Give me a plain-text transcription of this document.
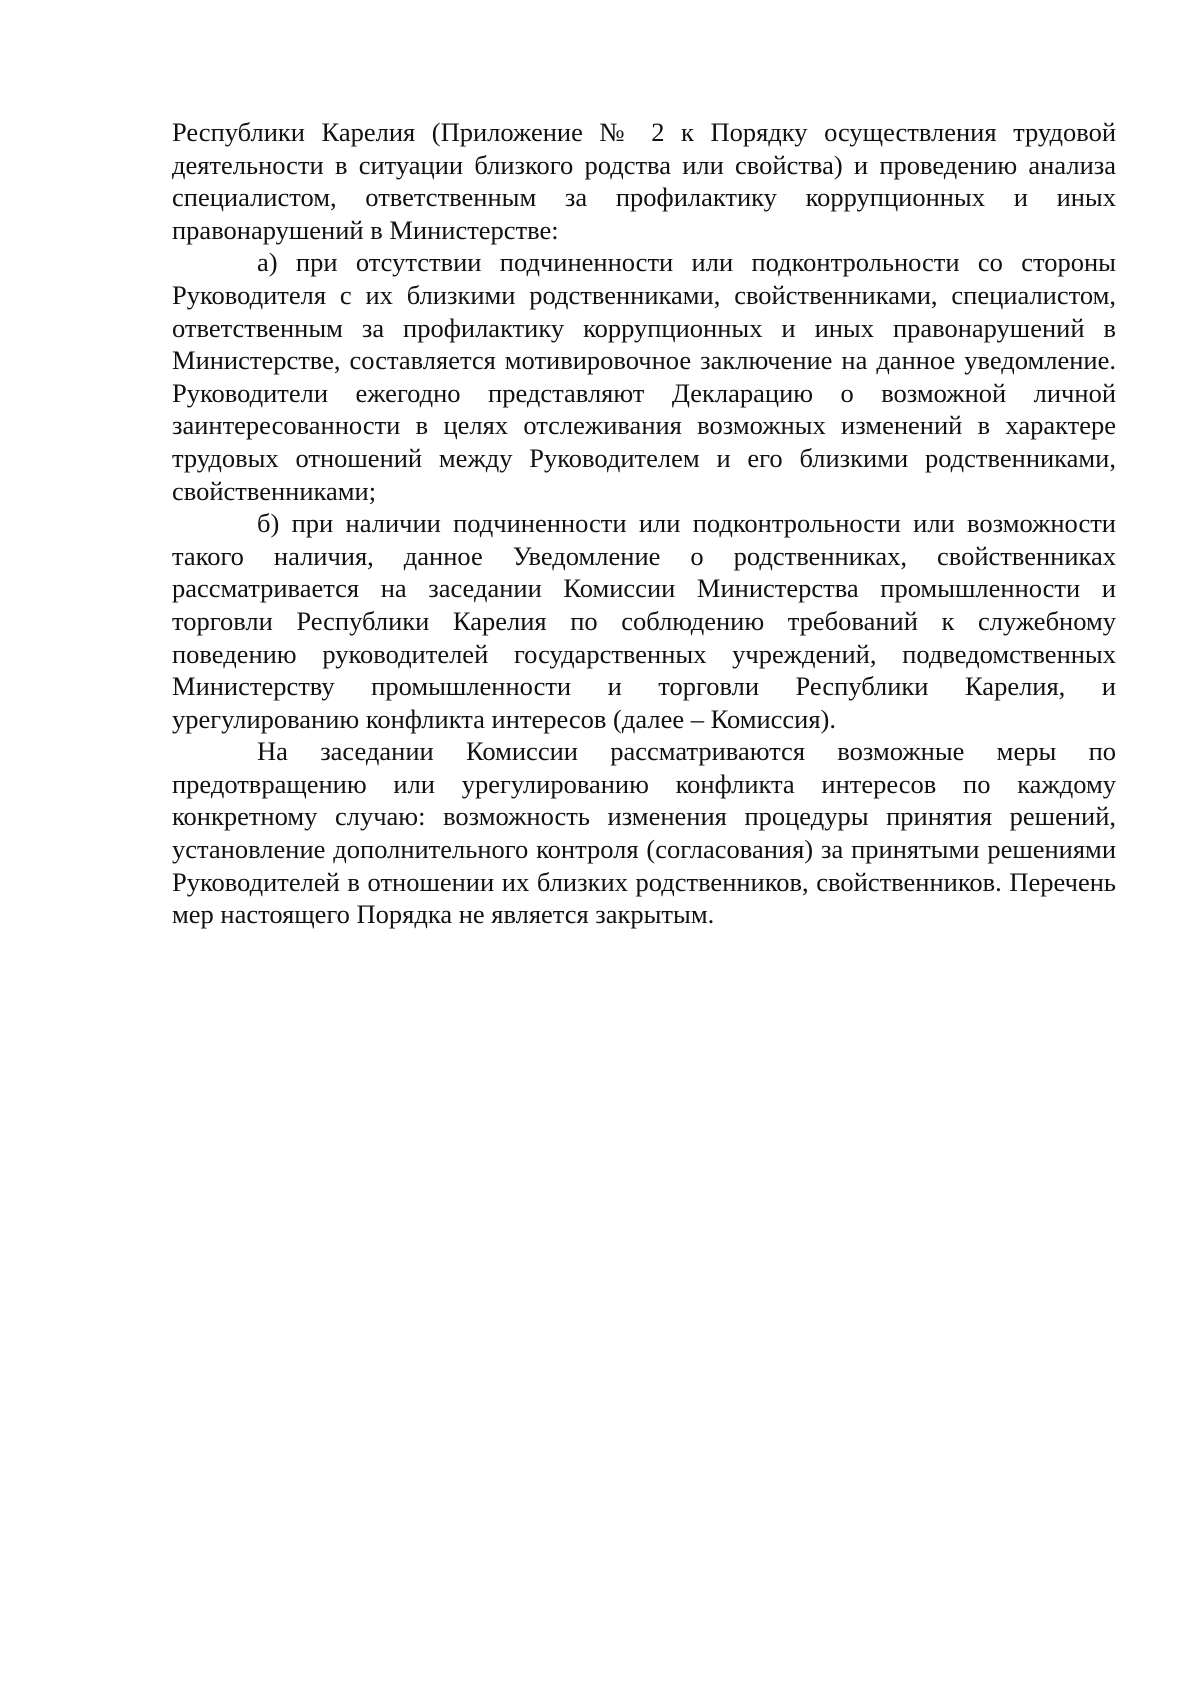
Республики Карелия (Приложение № 2 к Порядку осуществления трудовой деятельности в ситуации близкого родства или свойства) и проведению анализа специалистом, ответственным за профилактику коррупционных и иных правонарушений в Министерстве:

а) при отсутствии подчиненности или подконтрольности со стороны Руководителя с их близкими родственниками, свойственниками, специалистом, ответственным за профилактику коррупционных и иных правонарушений в Министерстве, составляется мотивировочное заключение на данное уведомление. Руководители ежегодно представляют Декларацию о возможной личной заинтересованности в целях отслеживания возможных изменений в характере трудовых отношений между Руководителем и его близкими родственниками, свойственниками;

б) при наличии подчиненности или подконтрольности или возможности такого наличия, данное Уведомление о родственниках, свойственниках рассматривается на заседании Комиссии Министерства промышленности и торговли Республики Карелия по соблюдению требований к служебному поведению руководителей государственных учреждений, подведомственных Министерству промышленности и торговли Республики Карелия, и урегулированию конфликта интересов (далее – Комиссия).

На заседании Комиссии рассматриваются возможные меры по предотвращению или урегулированию конфликта интересов по каждому конкретному случаю: возможность изменения процедуры принятия решений, установление дополнительного контроля (согласования) за принятыми решениями Руководителей в отношении их близких родственников, свойственников. Перечень мер настоящего Порядка не является закрытым.
